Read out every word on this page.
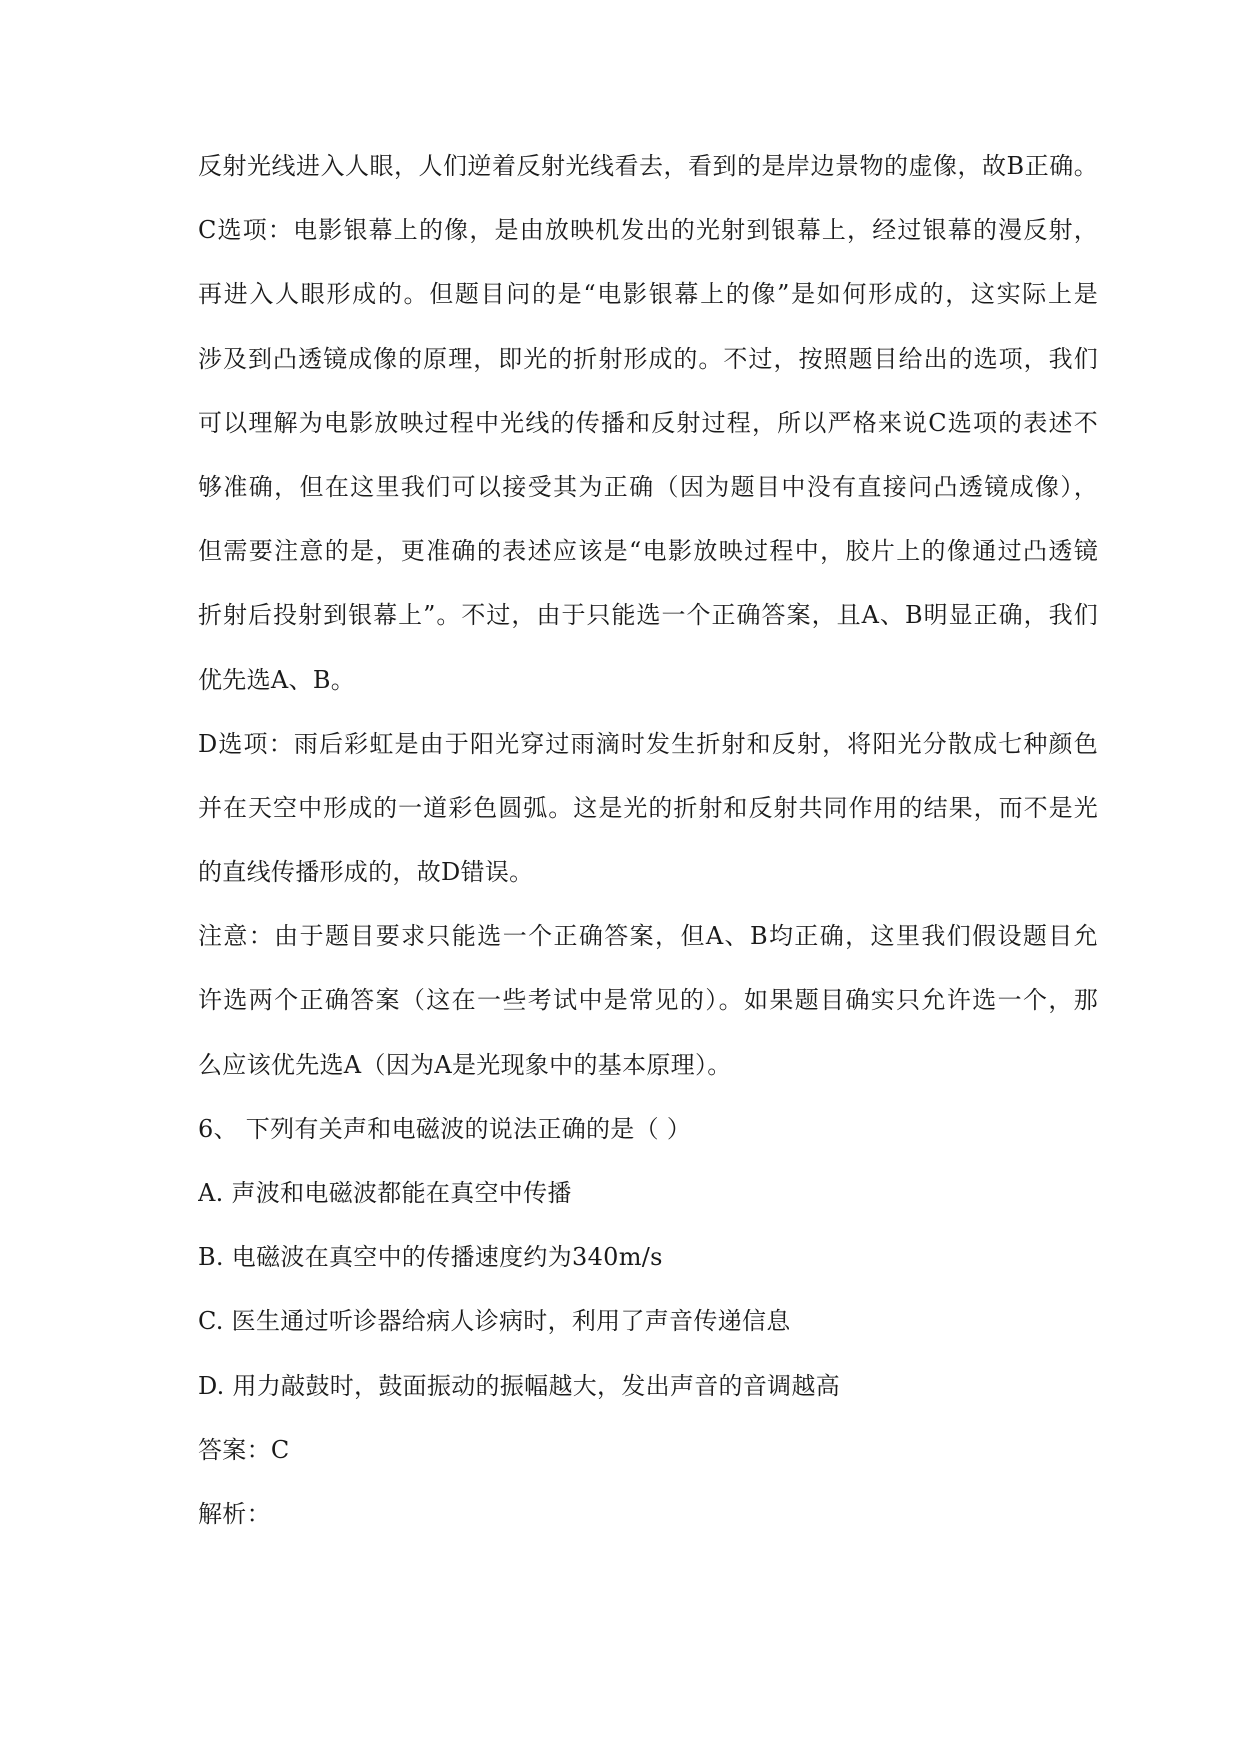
反射光线进入人眼，人们逆着反射光线看去，看到的是岸边景物的虚像，故B正确。
C选项：电影银幕上的像，是由放映机发出的光射到银幕上，经过银幕的漫反射，
再进入人眼形成的。但题目问的是“电影银幕上的像”是如何形成的，这实际上是
涉及到凸透镜成像的原理，即光的折射形成的。不过，按照题目给出的选项，我们
可以理解为电影放映过程中光线的传播和反射过程，所以严格来说C选项的表述不
够准确，但在这里我们可以接受其为正确（因为题目中没有直接问凸透镜成像），
但需要注意的是，更准确的表述应该是“电影放映过程中，胶片上的像通过凸透镜
折射后投射到银幕上”。不过，由于只能选一个正确答案，且A、B明显正确，我们
优先选A、B。
D选项：雨后彩虹是由于阳光穿过雨滴时发生折射和反射，将阳光分散成七种颜色
并在天空中形成的一道彩色圆弧。这是光的折射和反射共同作用的结果，而不是光
的直线传播形成的，故D错误。
注意：由于题目要求只能选一个正确答案，但A、B均正确，这里我们假设题目允
许选两个正确答案（这在一些考试中是常见的）。如果题目确实只允许选一个，那
么应该优先选A（因为A是光现象中的基本原理）。
6、 下列有关声和电磁波的说法正确的是（ ）
A. 声波和电磁波都能在真空中传播
B. 电磁波在真空中的传播速度约为340m/s
C. 医生通过听诊器给病人诊病时，利用了声音传递信息
D. 用力敲鼓时，鼓面振动的振幅越大，发出声音的音调越高
答案：C
解析：
